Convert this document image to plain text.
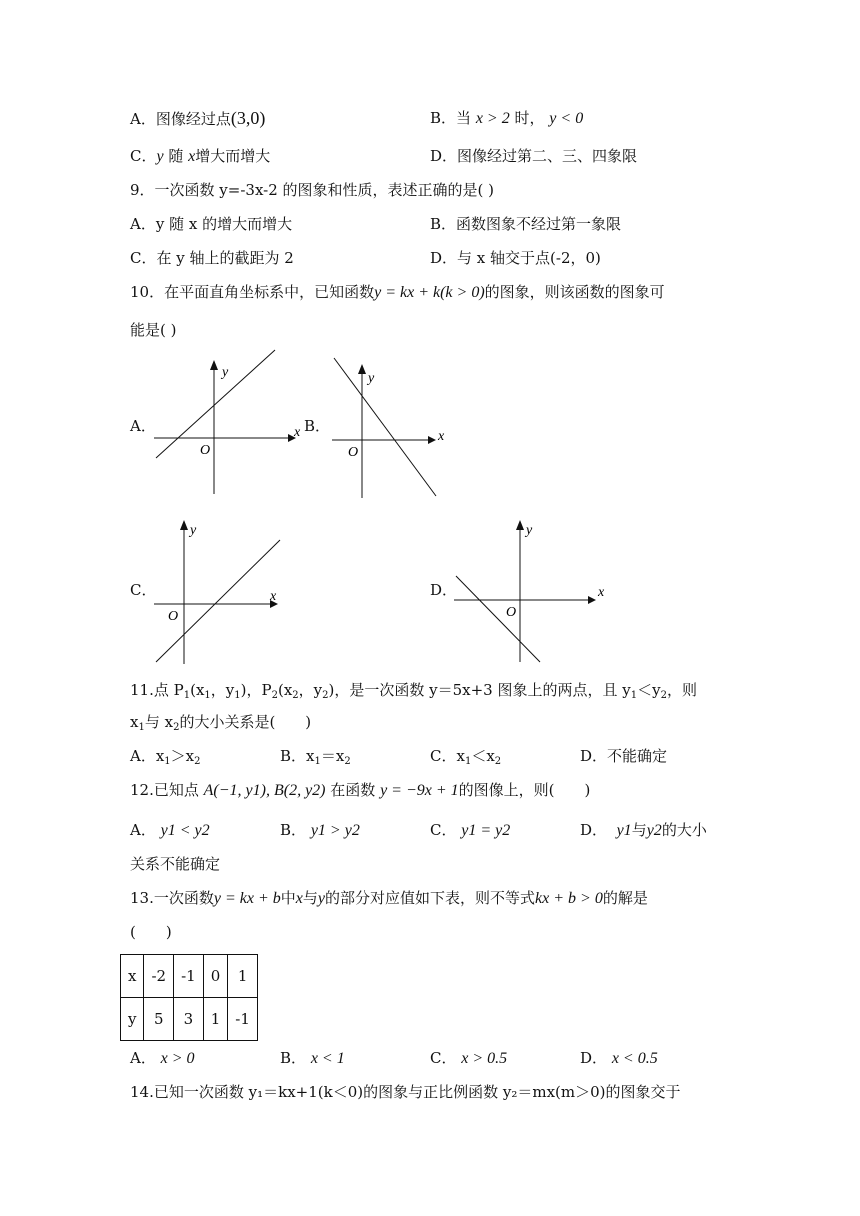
A．图像经过点(3,0)	B．当 x > 2 时， y < 0
C．y 随 x增大而增大	D．图像经过第二、三、四象限
9．一次函数 y=-3x-2 的图象和性质，表述正确的是( )
A．y 随 x 的增大而增大	B．函数图象不经过第一象限
C．在 y 轴上的截距为 2	D．与 x 轴交于点(-2，0)
10．在平面直角坐标系中，已知函数y = kx + k(k > 0)的图象，则该函数的图象可
能是( )
A．
y
x
O
B．
y
x
O
C．
y
x
O
D．
y
x
O
11.点 $P_1(x_1$，$y_1$)，$P_2(x_2$，$y_2$)，是一次函数 y＝5x+3 图象上的两点，且 $y_1<y_2$，则
$x_1$与 $x_2$的大小关系是(　　)
A．$x_1>x_2$	B．$x_1=x_2$	C．$x_1<x_2$	D．不能确定
12.已知点 A(−1, y1), B(2, y2) 在函数 y = −9x + 1的图像上，则(　　)
A． y1 < y2	B． y1 > y2	C． y1 = y2	D． y1与y2的大小
关系不能确定
13.一次函数y = kx + b中x与y的部分对应值如下表，则不等式kx + b > 0的解是
(　　)
x	-2	-1	0	1
y	5	3	1	-1
A． x > 0	B． x < 1	C． x > 0.5	D． x < 0.5
14.已知一次函数 y₁＝kx+1(k＜0)的图象与正比例函数 y₂＝mx(m＞0)的图象交于
